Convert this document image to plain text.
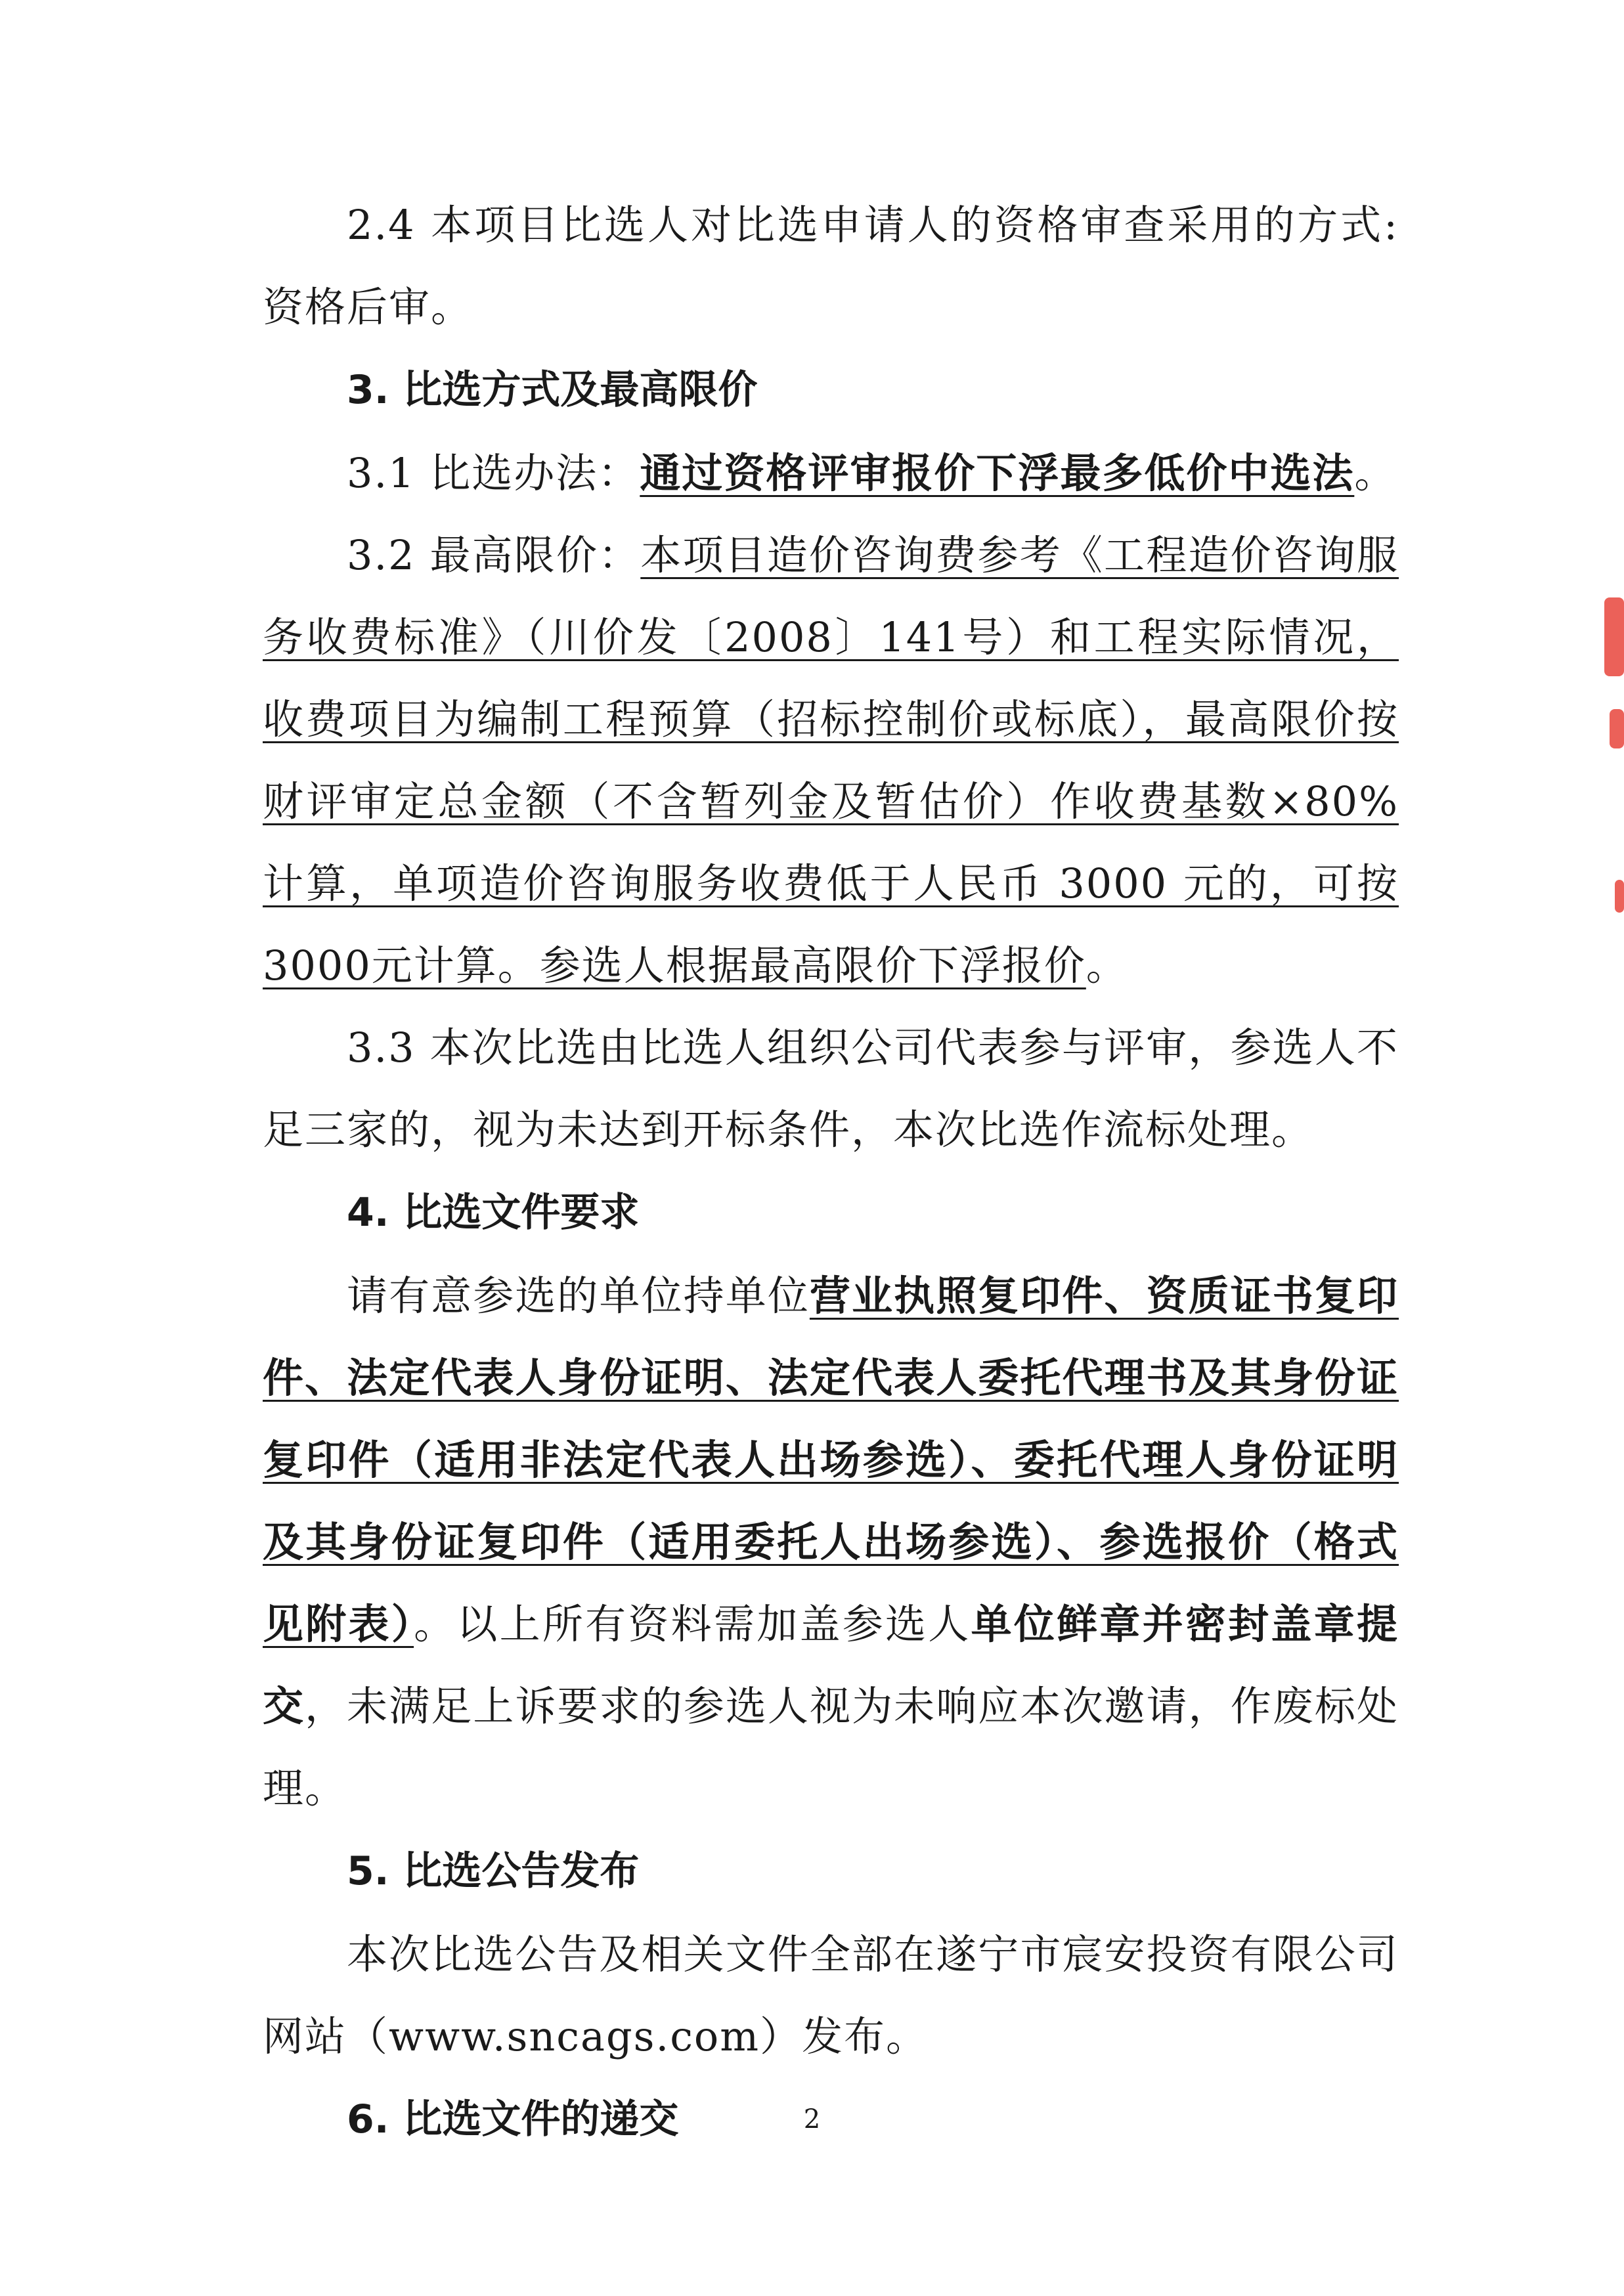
2.4 本项目比选人对比选申请人的资格审查采用的方式:资格后审。

3. 比选方式及最高限价

3.1 比选办法：通过资格评审报价下浮最多低价中选法。

3.2 最高限价：本项目造价咨询费参考《工程造价咨询服务收费标准》（川价发〔2008〕141号）和工程实际情况，收费项目为编制工程预算（招标控制价或标底），最高限价按财评审定总金额（不含暂列金及暂估价）作收费基数×80%计算，单项造价咨询服务收费低于人民币 3000 元的，可按3000元计算。参选人根据最高限价下浮报价。

3.3 本次比选由比选人组织公司代表参与评审，参选人不足三家的，视为未达到开标条件，本次比选作流标处理。

4. 比选文件要求

请有意参选的单位持单位营业执照复印件、资质证书复印件、法定代表人身份证明、法定代表人委托代理书及其身份证复印件（适用非法定代表人出场参选）、委托代理人身份证明及其身份证复印件（适用委托人出场参选）、参选报价（格式见附表）。以上所有资料需加盖参选人单位鲜章并密封盖章提交，未满足上诉要求的参选人视为未响应本次邀请，作废标处理。

5. 比选公告发布

本次比选公告及相关文件全部在遂宁市宸安投资有限公司网站（www.sncags.com）发布。

6. 比选文件的递交	2
